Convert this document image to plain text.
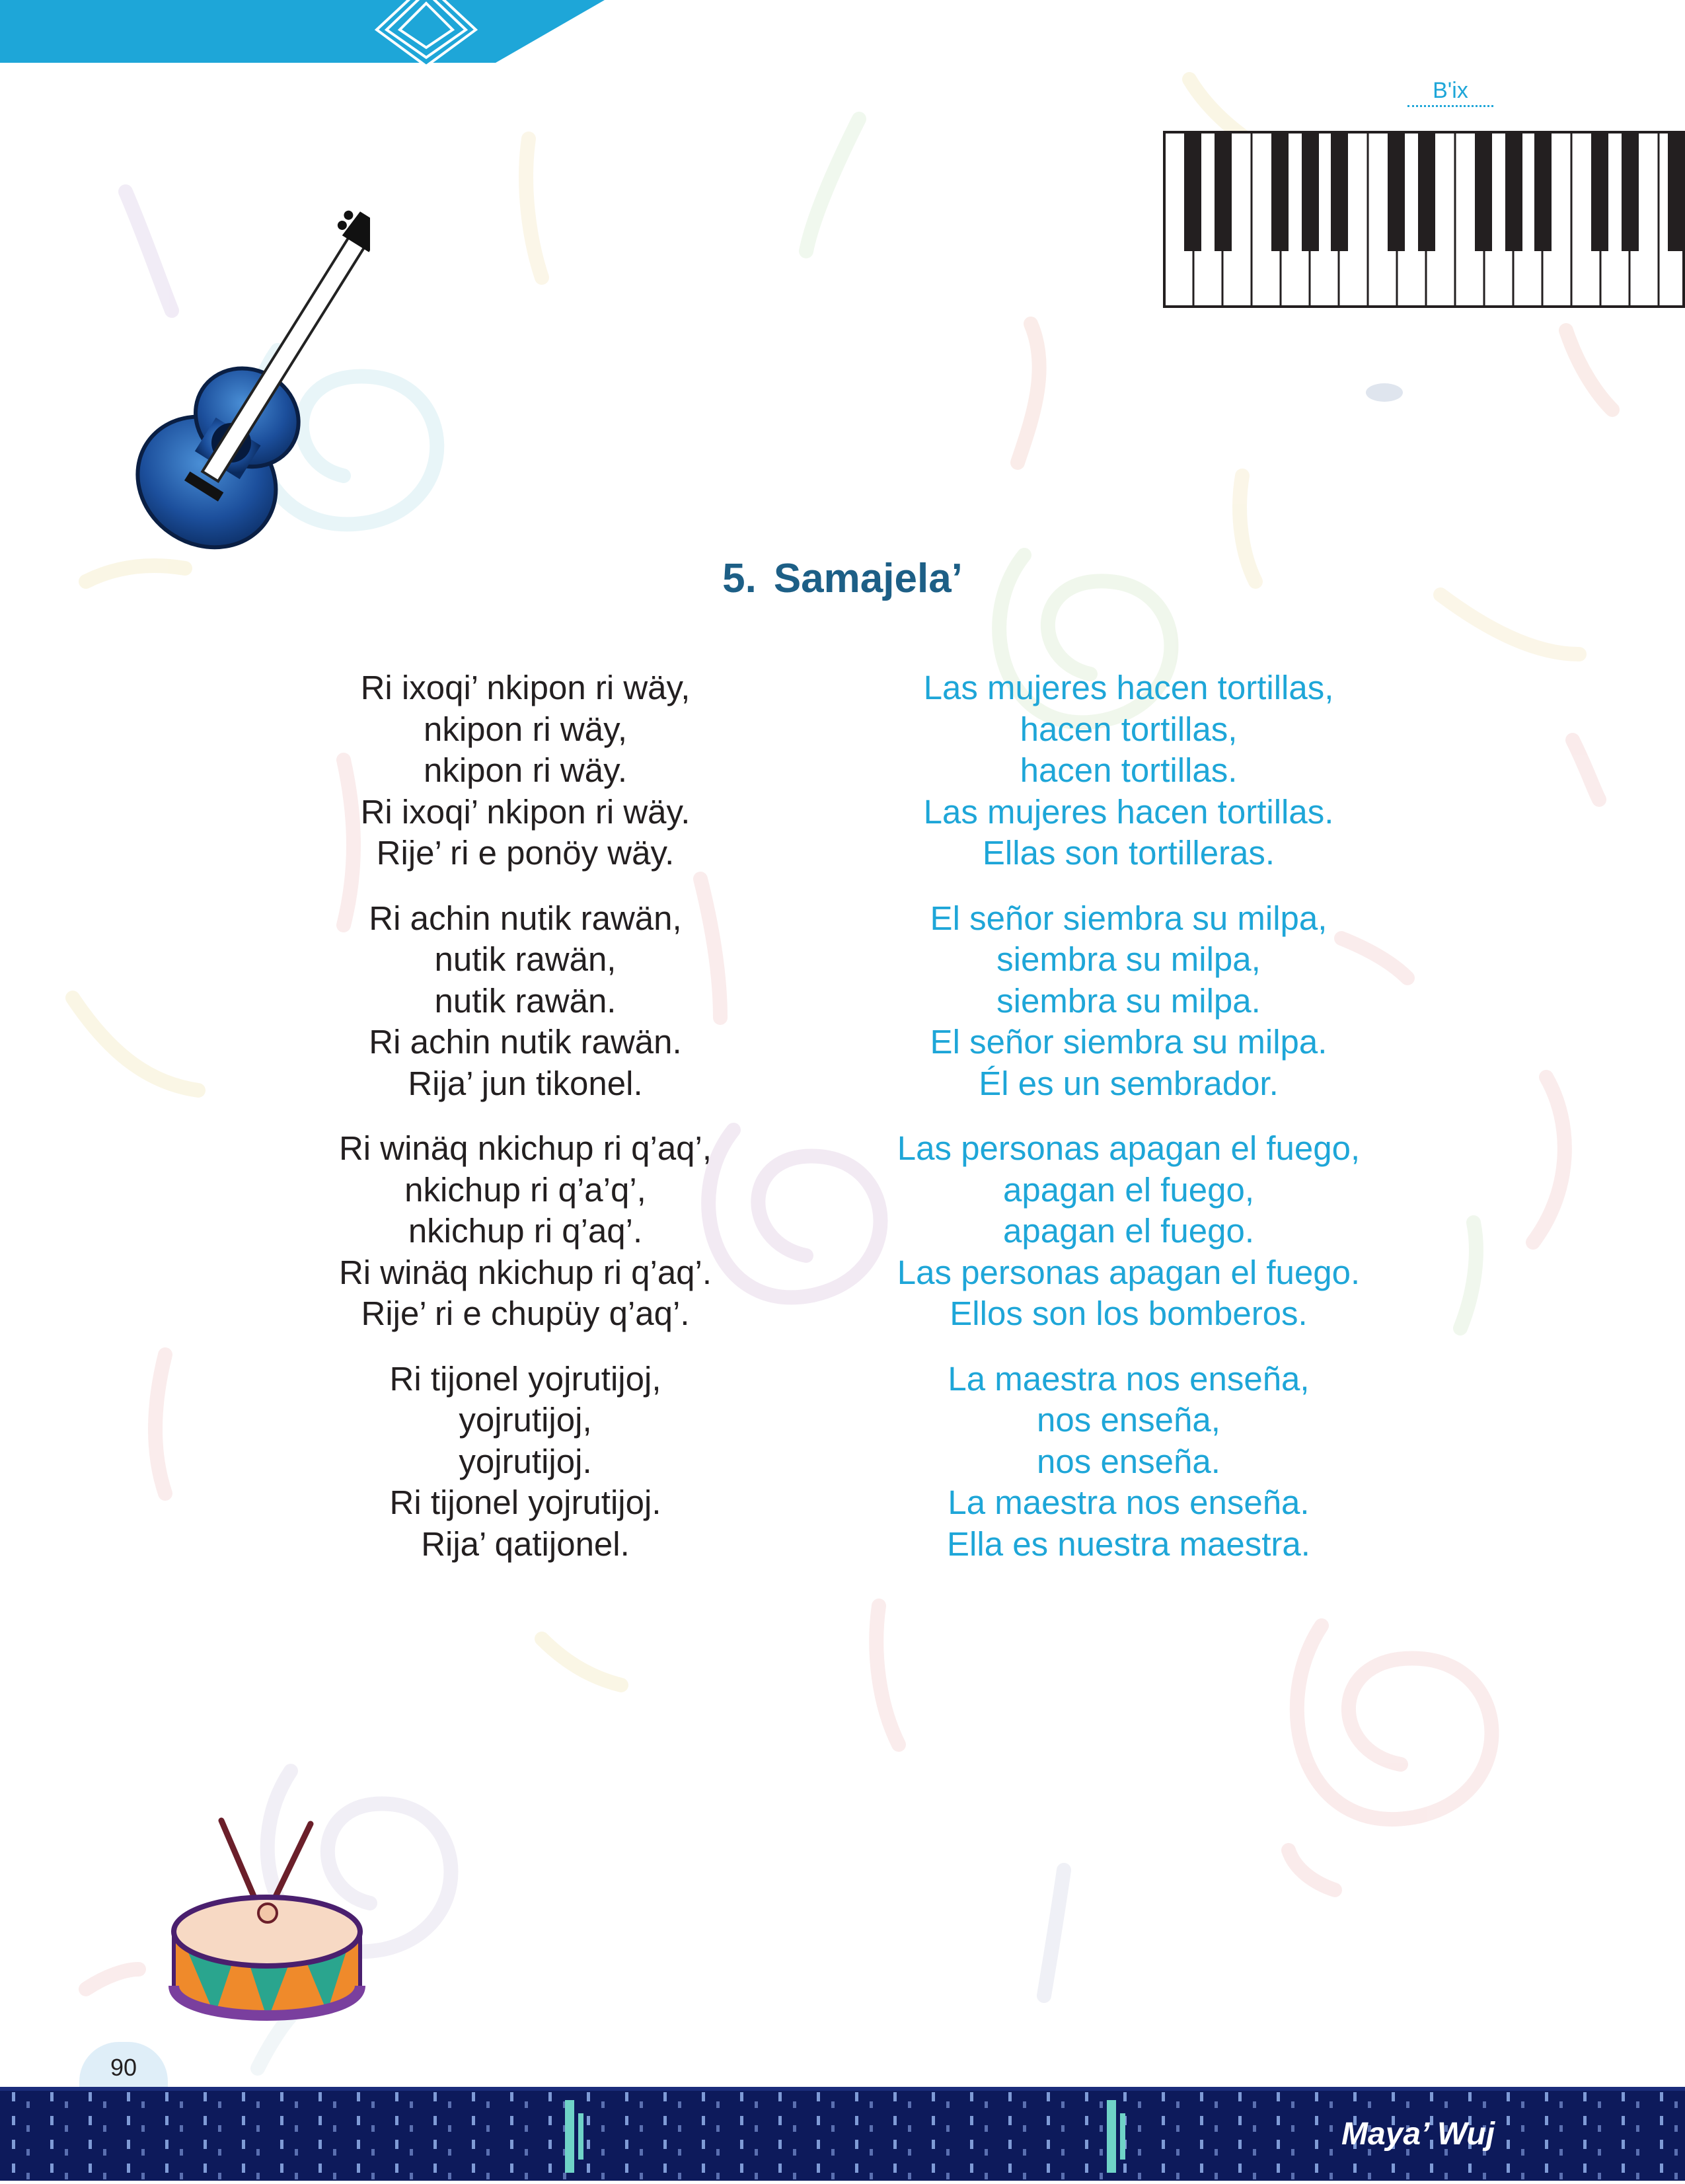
B'ix
5. Samajela’
Ri ixoqi’ nkipon ri wäy,
nkipon ri wäy,
nkipon ri wäy.
Ri ixoqi’ nkipon ri wäy.
Rije’ ri e ponöy wäy.
Ri achin nutik rawän,
nutik rawän,
nutik rawän.
Ri achin nutik rawän.
Rija’ jun tikonel.
Ri winäq nkichup ri q’aq’,
nkichup ri q’a’q’,
nkichup ri q’aq’.
Ri winäq nkichup ri q’aq’.
Rije’ ri e chupüy q’aq’.
Ri tijonel yojrutijoj,
yojrutijoj,
yojrutijoj.
Ri tijonel yojrutijoj.
Rija’ qatijonel.
Las mujeres hacen tortillas,
hacen tortillas,
hacen tortillas.
Las mujeres hacen tortillas.
Ellas son tortilleras.
El señor siembra su milpa,
siembra su milpa,
siembra su milpa.
El señor siembra su milpa.
Él es un sembrador.
Las personas apagan el fuego,
apagan el fuego,
apagan el fuego.
Las personas apagan el fuego.
Ellos son los bomberos.
La maestra nos enseña,
nos enseña,
nos enseña.
La maestra nos enseña.
Ella es nuestra maestra.
90
Maya’ Wuj
